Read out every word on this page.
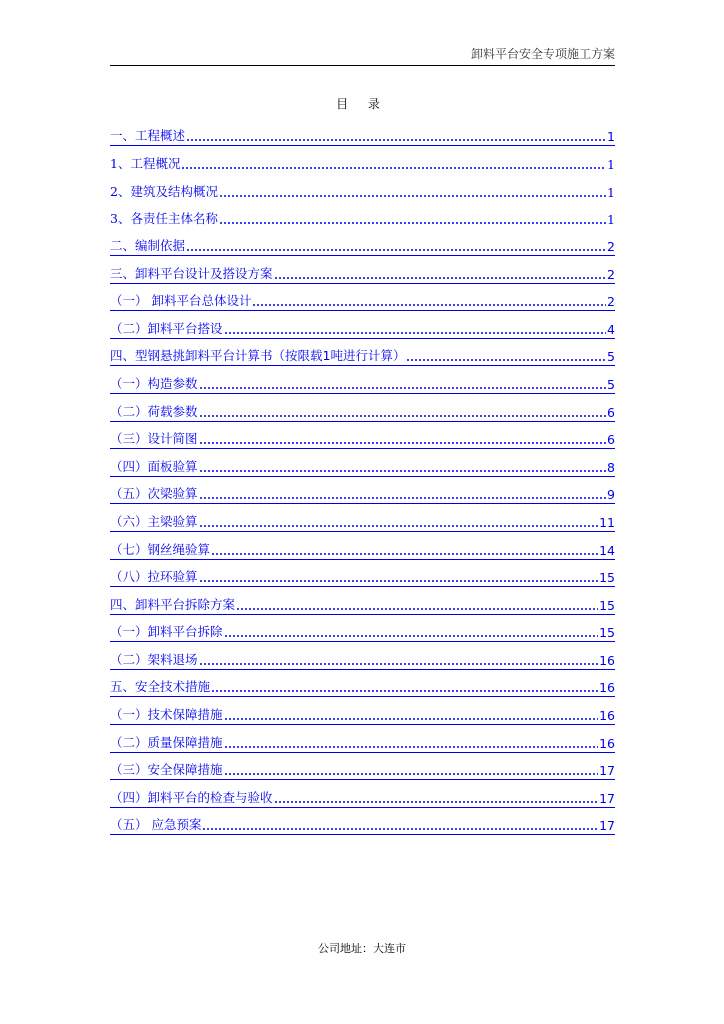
卸料平台安全专项施工方案
目 录
一、工程概述	1
1、工程概况	1
2、建筑及结构概况	1
3、各责任主体名称	1
二、编制依据	2
三、卸料平台设计及搭设方案	2
（一） 卸料平台总体设计	2
（二）卸料平台搭设	4
四、型钢悬挑卸料平台计算书（按限载1吨进行计算）	5
（一）构造参数	5
（二）荷载参数	6
（三）设计简图	6
（四）面板验算	8
（五）次梁验算	9
（六）主梁验算	11
（七）钢丝绳验算	14
（八）拉环验算	15
四、卸料平台拆除方案	15
（一）卸料平台拆除	15
（二）架料退场	16
五、安全技术措施	16
（一）技术保障措施	16
（二）质量保障措施	16
（三）安全保障措施	17
（四）卸料平台的检查与验收	17
（五） 应急预案	17
公司地址：大连市
